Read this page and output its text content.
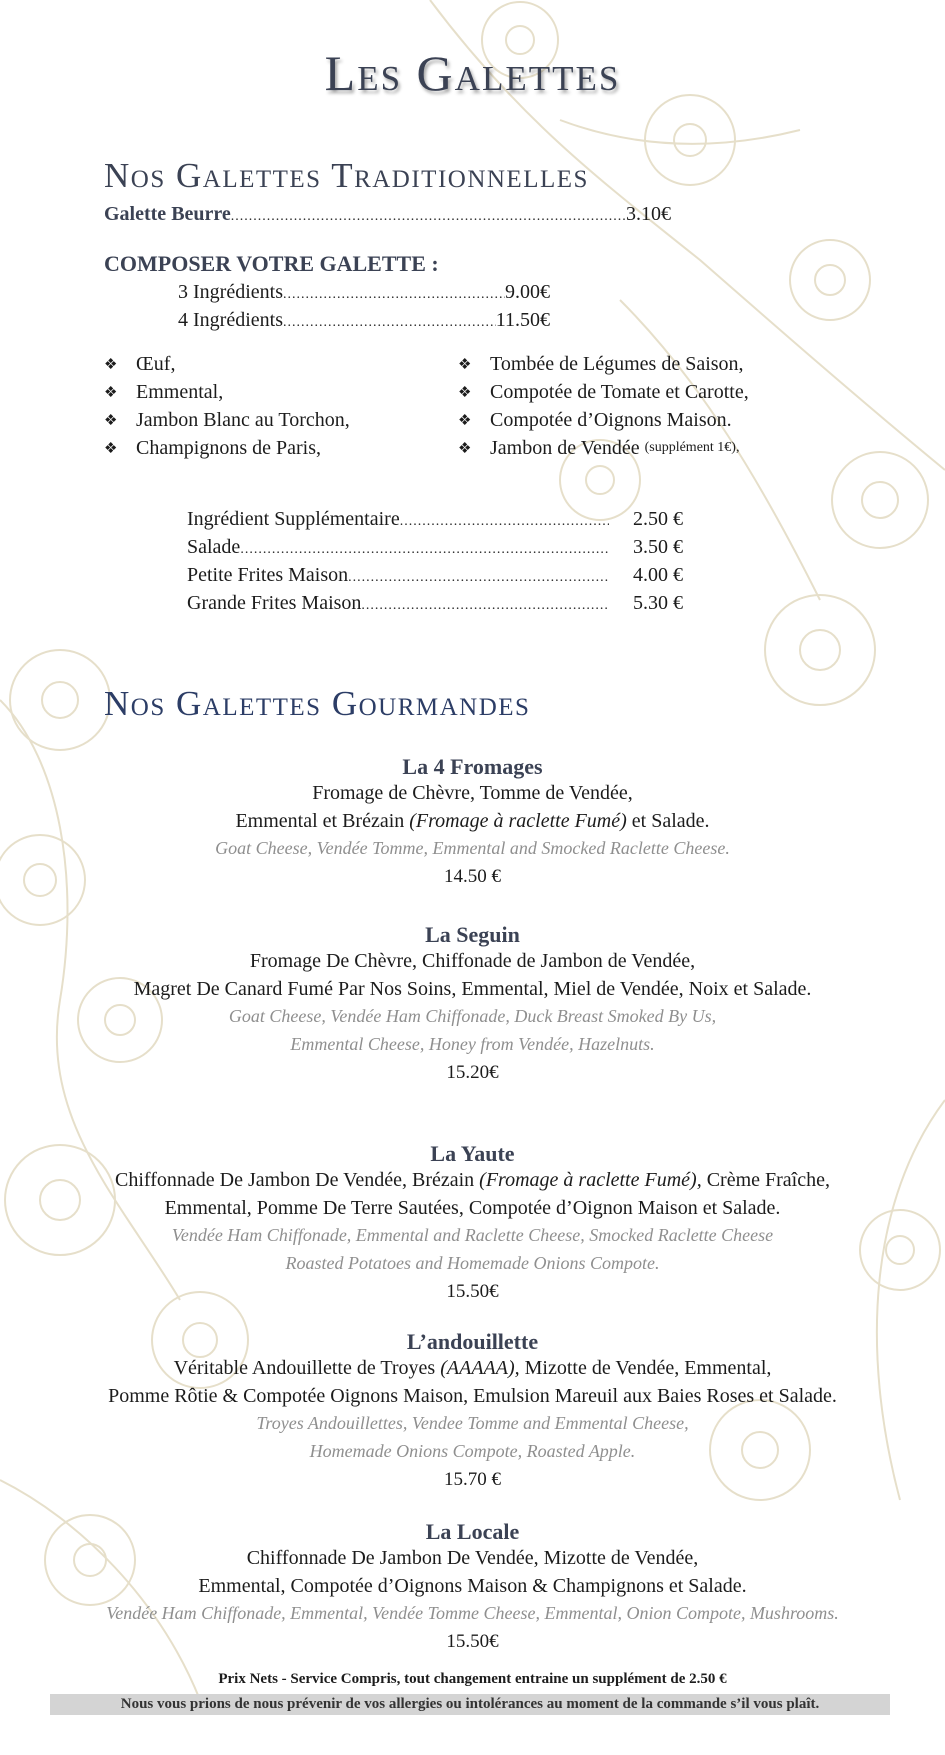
Les Galettes
Nos Galettes Traditionnelles
Galette Beurre .....	3.10€
COMPOSER VOTRE GALETTE :
3 Ingrédients .....	9.00€
4 Ingrédients .....	11.50€
❖ Œuf,
❖ Emmental,
❖ Jambon Blanc au Torchon,
❖ Champignons de Paris,
❖ Tombée de Légumes de Saison,
❖ Compotée de Tomate et Carotte,
❖ Compotée d’Oignons Maison.
❖ Jambon de Vendée
(supplément 1€),
Ingrédient Supplémentaire .....	2.50 €
Salade .....	3.50 €
Petite Frites Maison .....	4.00 €
Grande Frites Maison .....	5.30 €
Nos Galettes Gourmandes
La 4 Fromages
Fromage de Chèvre, Tomme de Vendée,
Emmental et Brézain (Fromage à raclette Fumé) et Salade.
Goat Cheese, Vendée Tomme, Emmental and Smocked Raclette Cheese.
14.50 €
La Seguin
Fromage De Chèvre, Chiffonade de Jambon de Vendée,
Magret De Canard Fumé Par Nos Soins, Emmental, Miel de Vendée, Noix et Salade.
Goat Cheese, Vendée Ham Chiffonade, Duck Breast Smoked By Us,
Emmental Cheese, Honey from Vendée, Hazelnuts.
15.20€
La Yaute
Chiffonnade De Jambon De Vendée, Brézain (Fromage à raclette Fumé), Crème Fraîche,
Emmental, Pomme De Terre Sautées, Compotée d’Oignon Maison et Salade.
Vendée Ham Chiffonade, Emmental and Raclette Cheese, Smocked Raclette Cheese
Roasted Potatoes and Homemade Onions Compote.
15.50€
L’andouillette
Véritable Andouillette de Troyes (AAAAA), Mizotte de Vendée, Emmental,
Pomme Rôtie & Compotée Oignons Maison, Emulsion Mareuil aux Baies Roses et Salade.
Troyes Andouillettes, Vendee Tomme and Emmental Cheese,
Homemade Onions Compote, Roasted Apple.
15.70 €
La Locale
Chiffonnade De Jambon De Vendée, Mizotte de Vendée,
Emmental, Compotée d’Oignons Maison & Champignons et Salade.
Vendée Ham Chiffonade, Emmental, Vendée Tomme Cheese, Emmental, Onion Compote, Mushrooms.
15.50€
Prix Nets - Service Compris, tout changement entraine un supplément de 2.50 €
Nous vous prions de nous prévenir de vos allergies ou intolérances au moment de la commande s’il vous plaît.
